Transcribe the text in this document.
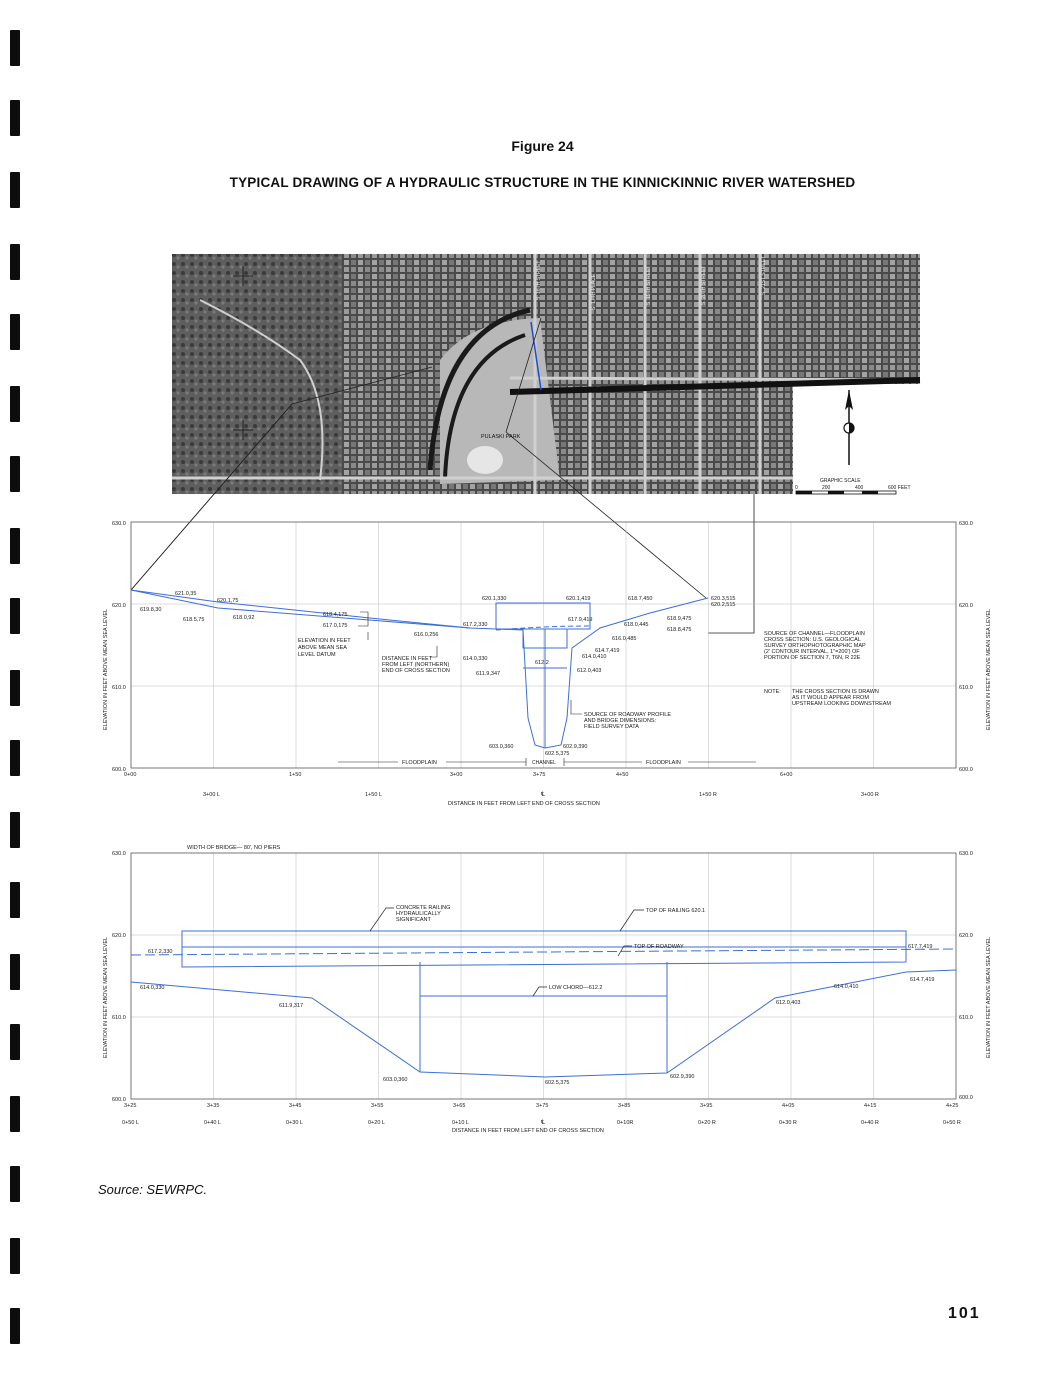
Figure 24
TYPICAL DRAWING OF A HYDRAULIC STRUCTURE IN THE KINNICKINNIC RIVER WATERSHED
PULASKI PARK
S. 16TH STREET	S. 17TH PLACE	S. 19TH STREET	S. 20TH STREET	S. 21ST STREET
GRAPHIC SCALE
0	200	400	600 FEET
630.0
620.0
610.0
600.0
630.0
620.0
610.0
600.0
ELEVATION IN FEET ABOVE MEAN SEA LEVEL	ELEVATION IN FEET ABOVE MEAN SEA LEVEL
0+00	1+50	3+00	3+75	4+50	6+00
3+00 L	1+50 L	℄	1+50 R	3+00 R
DISTANCE IN FEET FROM LEFT END OF CROSS SECTION
621.0,35
619.8,30
620.1,75
618.5,75	618.0,92	618.4,175
617.0,175
616.0,256
620.1,330	620.1,419
617.2,330
617.9,419
618.7,450
618.0,445
618.9,475
618.8,475
616.0,485
614.7,419
614.0,410
612.0,403
614.0,330
611.9,347
612.2
603.0,360	602.9,390
602.5,375
620.3,515
620.2,515
ELEVATION IN FEET
ABOVE MEAN SEA
LEVEL DATUM
DISTANCE IN FEET
FROM LEFT (NORTHERN)
END OF CROSS SECTION
SOURCE OF ROADWAY PROFILE
AND BRIDGE DIMENSIONS:
FIELD SURVEY DATA
SOURCE OF CHANNEL—FLOODPLAIN
CROSS SECTION: U.S. GEOLOGICAL
SURVEY ORTHOPHOTOGRAPHIC MAP
(2' CONTOUR INTERVAL, 1"=200') OF
PORTION OF SECTION 7, T6N, R 22E
NOTE: THE CROSS SECTION IS DRAWN
AS IT WOULD APPEAR FROM
UPSTREAM LOOKING DOWNSTREAM
FLOODPLAIN	CHANNEL	FLOODPLAIN
630.0
620.0
610.0
600.0
630.0
620.0
610.0
600.0
ELEVATION IN FEET ABOVE MEAN SEA LEVEL	ELEVATION IN FEET ABOVE MEAN SEA LEVEL
WIDTH OF BRIDGE— 80', NO PIERS
3+25	3+35	3+45	3+55	3+65	3+75	3+85	3+95	4+05	4+15	4+25
0+50 L	0+40 L	0+30 L	0+20 L	0+10 L	℄	0+10R	0+20 R	0+30 R	0+40 R	0+50 R
DISTANCE IN FEET FROM LEFT END OF CROSS SECTION
CONCRETE RAILING
HYDRAULICALLY
SIGNIFICANT
TOP OF RAILING 620.1
TOP OF ROADWAY
LOW CHORD—612.2
617.2,330
617.7,419
614.0,330
614.7,419
611.9,317
614.0,410
612.0,403
603.0,360	602.9,390
602.5,375
Source: SEWRPC.
101
